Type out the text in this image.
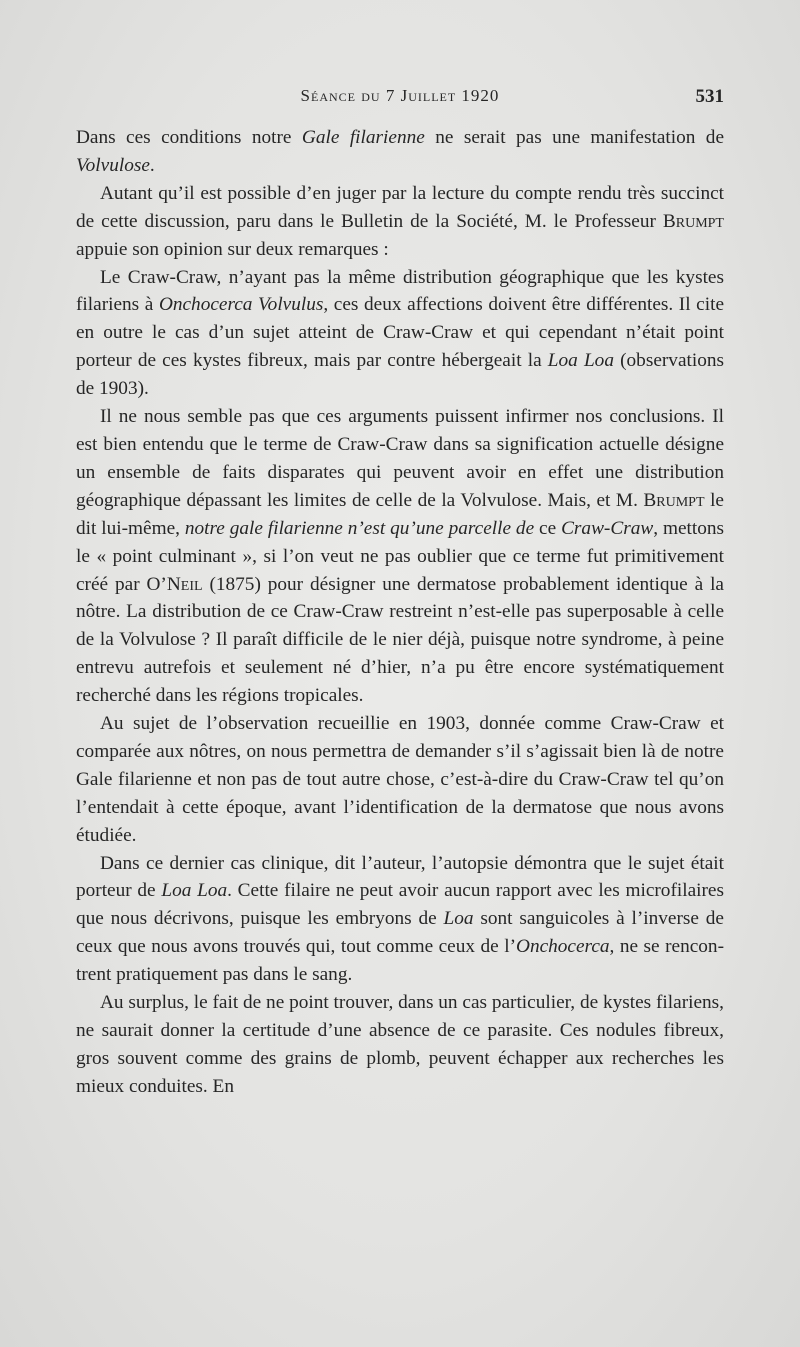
Séance du 7 Juillet 1920	531

Dans ces conditions notre Gale filarienne ne serait pas une manifestation de Volvulose.

Autant qu’il est possible d’en juger par la lecture du compte rendu très succinct de cette discussion, paru dans le Bulletin de la Société, M. le Professeur Brumpt appuie son opinion sur deux remarques :

Le Craw-Craw, n’ayant pas la même distribution géographique que les kystes filariens à Onchocerca Volvulus, ces deux affections doivent être différentes. Il cite en outre le cas d’un sujet atteint de Craw-Craw et qui cependant n’était point porteur de ces kystes fibreux, mais par contre hébergeait la Loa Loa (observations de 1903).

Il ne nous semble pas que ces arguments puissent infirmer nos conclusions. Il est bien entendu que le terme de Craw-Craw dans sa signification actuelle désigne un ensemble de faits disparates qui peuvent avoir en effet une distribution géographique dépassant les limites de celle de la Volvulose. Mais, et M. Brumpt le dit lui-même, notre gale filarienne n’est qu’une parcelle de ce Craw-Craw, mettons le « point culminant », si l’on veut ne pas oublier que ce terme fut primitivement créé par O’Neil (1875) pour désigner une dermatose probablement identique à la nôtre. La distribution de ce Craw-Craw restreint n’est-elle pas superposable à celle de la Volvulose ? Il paraît difficile de le nier déjà, puisque notre syndrome, à peine entrevu autrefois et seulement né d’hier, n’a pu être encore systématiquement recherché dans les régions tropicales.

Au sujet de l’observation recueillie en 1903, donnée comme Craw-Craw et comparée aux nôtres, on nous permettra de demander s’il s’agissait bien là de notre Gale filarienne et non pas de tout autre chose, c’est-à-dire du Craw-Craw tel qu’on l’entendait à cette époque, avant l’identification de la dermatose que nous avons étudiée.

Dans ce dernier cas clinique, dit l’auteur, l’autopsie démontra que le sujet était porteur de Loa Loa. Cette filaire ne peut avoir aucun rapport avec les microfilaires que nous décrivons, puisque les embryons de Loa sont sanguicoles à l’inverse de ceux que nous avons trouvés qui, tout comme ceux de l’Onchocerca, ne se rencontrent pratiquement pas dans le sang.

Au surplus, le fait de ne point trouver, dans un cas particulier, de kystes filariens, ne saurait donner la certitude d’une absence de ce parasite. Ces nodules fibreux, gros souvent comme des grains de plomb, peuvent échapper aux recherches les mieux conduites. En
